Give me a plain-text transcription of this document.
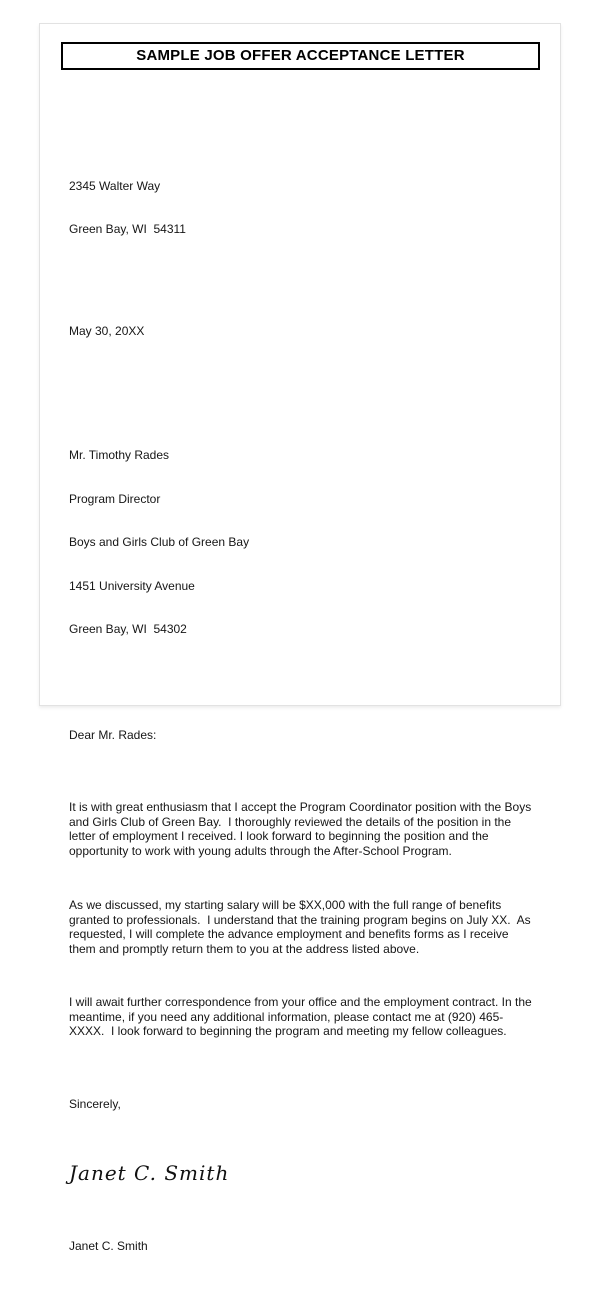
SAMPLE JOB OFFER ACCEPTANCE LETTER

2345 Walter Way

Green Bay, WI  54311

May 30, 20XX

Mr. Timothy Rades

Program Director

Boys and Girls Club of Green Bay

1451 University Avenue

Green Bay, WI  54302

Dear Mr. Rades:

It is with great enthusiasm that I accept the Program Coordinator position with the Boys and Girls Club of Green Bay.  I thoroughly reviewed the details of the position in the letter of employment I received. I look forward to beginning the position and the opportunity to work with young adults through the After-School Program.

As we discussed, my starting salary will be $XX,000 with the full range of benefits granted to professionals.  I understand that the training program begins on July XX.  As requested, I will complete the advance employment and benefits forms as I receive them and promptly return them to you at the address listed above.

I will await further correspondence from your office and the employment contract. In the meantime, if you need any additional information, please contact me at (920) 465-XXXX.  I look forward to beginning the program and meeting my fellow colleagues.

Sincerely,

Janet C. Smith

Janet C. Smith
